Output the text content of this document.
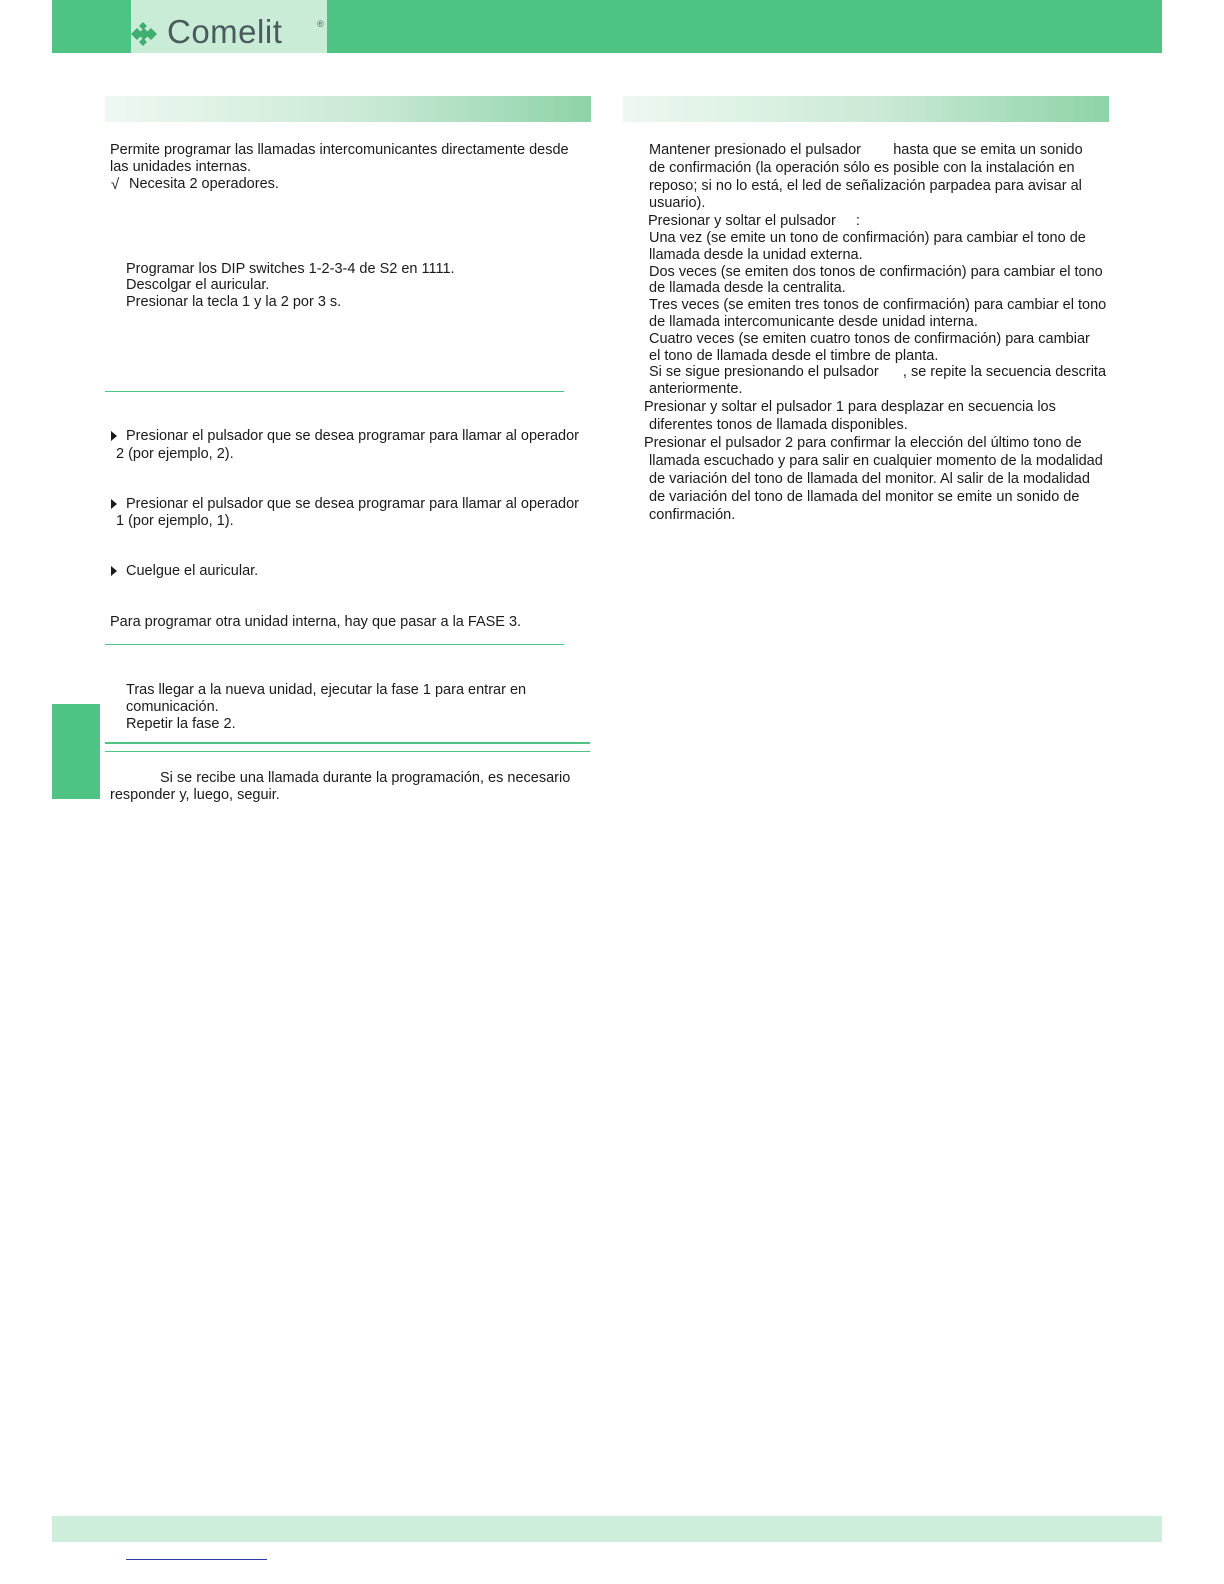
Comelit	®

Permite programar las llamadas intercomunicantes directamente desde

las unidades internas.

√ Necesita 2 operadores.

Programar los DIP switches 1-2-3-4 de S2 en 1111.

Descolgar el auricular.

Presionar la tecla 1 y la 2 por 3 s.

Presionar el pulsador que se desea programar para llamar al operador

2 (por ejemplo, 2).

Presionar el pulsador que se desea programar para llamar al operador

1 (por ejemplo, 1).

Cuelgue el auricular.

Para programar otra unidad interna, hay que pasar a la FASE 3.

Tras llegar a la nueva unidad, ejecutar la fase 1 para entrar en

comunicación.

Repetir la fase 2.

Si se recibe una llamada durante la programación, es necesario

responder y, luego, seguir.

Mantener presionado el pulsador        hasta que se emita un sonido

de confirmación (la operación sólo es posible con la instalación en

reposo; si no lo está, el led de señalización parpadea para avisar al

usuario).

Presionar y soltar el pulsador     :

Una vez (se emite un tono de confirmación) para cambiar el tono de

llamada desde la unidad externa.

Dos veces (se emiten dos tonos de confirmación) para cambiar el tono

de llamada desde la centralita.

Tres veces (se emiten tres tonos de confirmación) para cambiar el tono

de llamada intercomunicante desde unidad interna.

Cuatro veces (se emiten cuatro tonos de confirmación) para cambiar

el tono de llamada desde el timbre de planta.

Si se sigue presionando el pulsador      , se repite la secuencia descrita

anteriormente.

Presionar y soltar el pulsador 1 para desplazar en secuencia los

diferentes tonos de llamada disponibles.

Presionar el pulsador 2 para confirmar la elección del último tono de

llamada escuchado y para salir en cualquier momento de la modalidad

de variación del tono de llamada del monitor. Al salir de la modalidad

de variación del tono de llamada del monitor se emite un sonido de

confirmación.
